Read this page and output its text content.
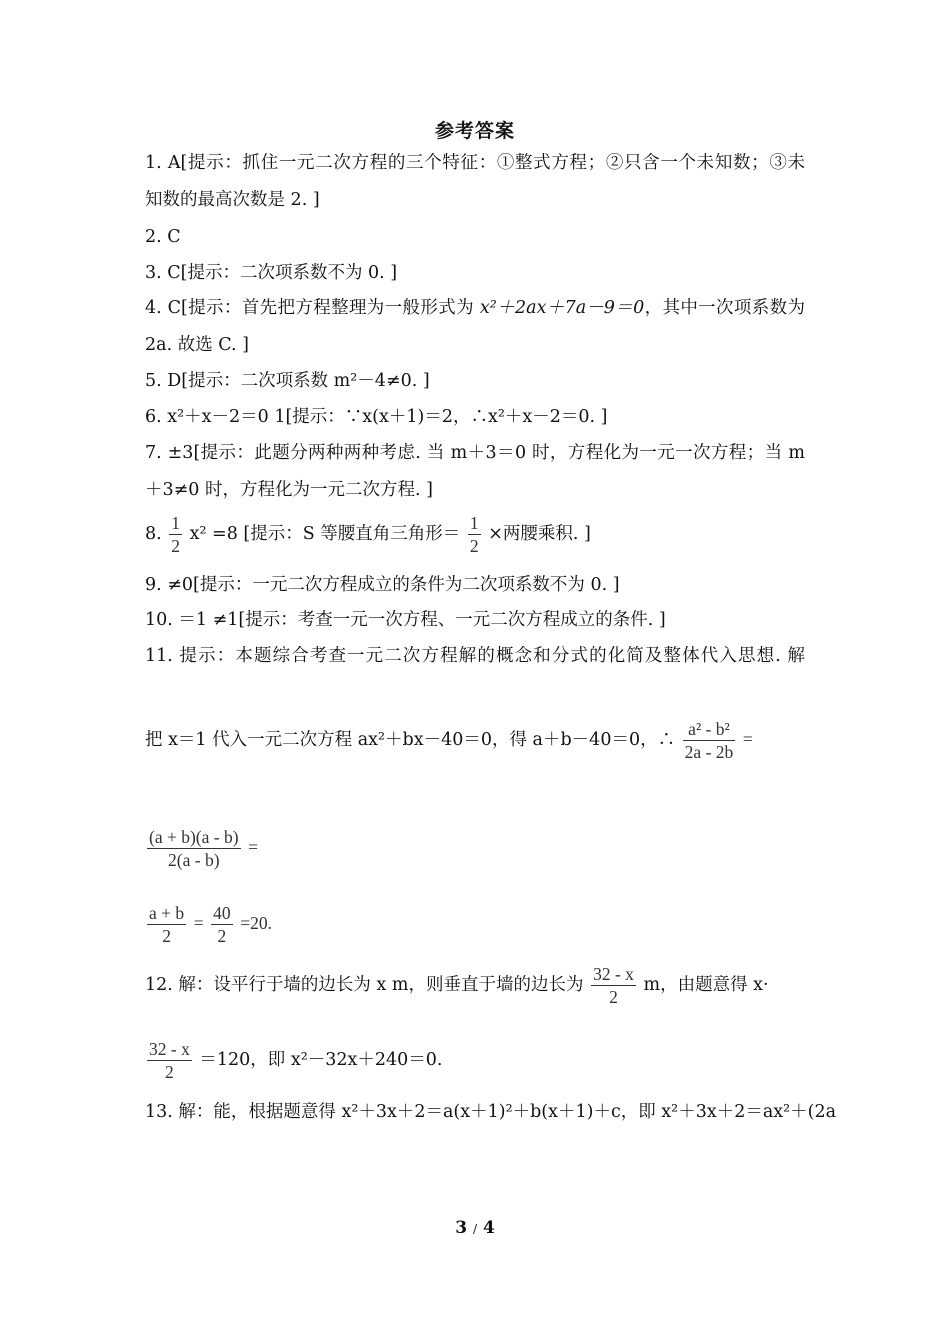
参考答案
1. A[提示：抓住一元二次方程的三个特征：①整式方程；②只含一个未知数；③未
知数的最高次数是 2. ]
2. C
3. C[提示：二次项系数不为 0. ]
4. C[提示：首先把方程整理为一般形式为 x²＋2ax＋7a－9＝0，其中一次项系数为
2a. 故选 C. ]
5. D[提示：二次项系数 m²－4≠0. ]
6. x²＋x－2＝0 1[提示：∵x(x＋1)＝2，∴x²＋x－2＝0. ]
7. ±3[提示：此题分两种两种考虑. 当 m＋3＝0 时，方程化为一元一次方程；当 m
＋3≠0 时，方程化为一元二次方程. ]
8. $\frac{1}{2} x^2 =8$ [提示：S 等腰直角三角形＝ $\frac{1}{2}$ ×两腰乘积. ]
9. ≠0[提示：一元二次方程成立的条件为二次项系数不为 0. ]
10. ＝1 ≠1[提示：考查一元一次方程、一元二次方程成立的条件. ]
11. 提示：本题综合考查一元二次方程解的概念和分式的化简及整体代入思想. 解
把 x＝1 代入一元二次方程 ax²＋bx－40＝0，得 a＋b－40＝0，∴ $\frac{\text{a² - b²}}{2a - 2b}$ =
$\frac{(a + b)(a - b)}{2(a - b)}$ =
$\frac{a + b}{2} = \frac{40}{2} =20$.
12. 解：设平行于墙的边长为 x m，则垂直于墙的边长为 $\frac{32 - x}{2}$ m，由题意得 x·
$\frac{32 - x}{2} =120$，即 x²－32x＋240＝0.
13. 解：能，根据题意得 x²＋3x＋2＝a(x＋1)²＋b(x＋1)＋c，即 x²＋3x＋2＝ax²＋(2a
3 / 4
